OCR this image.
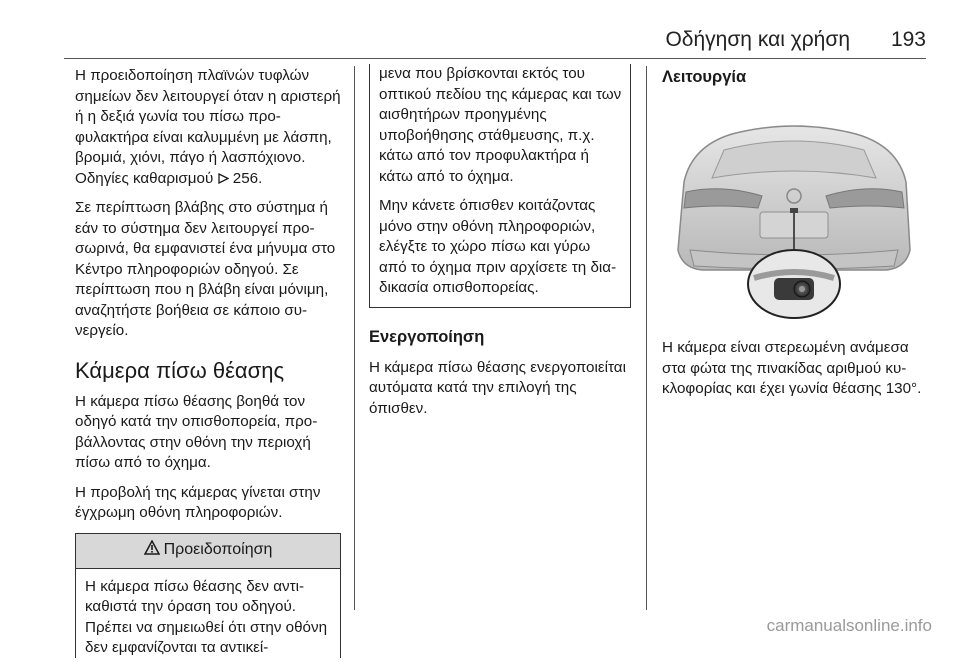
Οδήγηση και χρήση 193

Η προειδοποίηση πλαϊνών τυφλών σημείων δεν λειτουργεί όταν η αριστερή ή η δεξιά γωνία του πίσω προφυλακτήρα είναι καλυμμένη με λάσπη, βρομιά, χιόνι, πάγο ή λασπόχιονο. Οδηγίες καθαρισμού 256.

Σε περίπτωση βλάβης στο σύστημα ή εάν το σύστημα δεν λειτουργεί προσωρινά, θα εμφανιστεί ένα μήνυμα στο Κέντρο πληροφοριών οδηγού. Σε περίπτωση που η βλάβη είναι μόνιμη, αναζητήστε βοήθεια σε κάποιο συνεργείο.

Κάμερα πίσω θέασης

Η κάμερα πίσω θέασης βοηθά τον οδηγό κατά την οπισθοπορεία, προβάλλοντας στην οθόνη την περιοχή πίσω από το όχημα.

Η προβολή της κάμερας γίνεται στην έγχρωμη οθόνη πληροφοριών.

Προειδοποίηση
Η κάμερα πίσω θέασης δεν αντικαθιστά την όραση του οδηγού. Πρέπει να σημειωθεί ότι στην οθόνη δεν εμφανίζονται τα αντικεί-

μενα που βρίσκονται εκτός του οπτικού πεδίου της κάμερας και των αισθητήρων προηγμένης υποβοήθησης στάθμευσης, π.χ. κάτω από τον προφυλακτήρα ή κάτω από το όχημα.

Μην κάνετε όπισθεν κοιτάζοντας μόνο στην οθόνη πληροφοριών, ελέγξτε το χώρο πίσω και γύρω από το όχημα πριν αρχίσετε τη διαδικασία οπισθοπορείας.

Ενεργοποίηση

Η κάμερα πίσω θέασης ενεργοποιείται αυτόματα κατά την επιλογή της όπισθεν.

Λειτουργία

Η κάμερα είναι στερεωμένη ανάμεσα στα φώτα της πινακίδας αριθμού κυκλοφορίας και έχει γωνία θέασης 130°.

carmanualsonline.info
